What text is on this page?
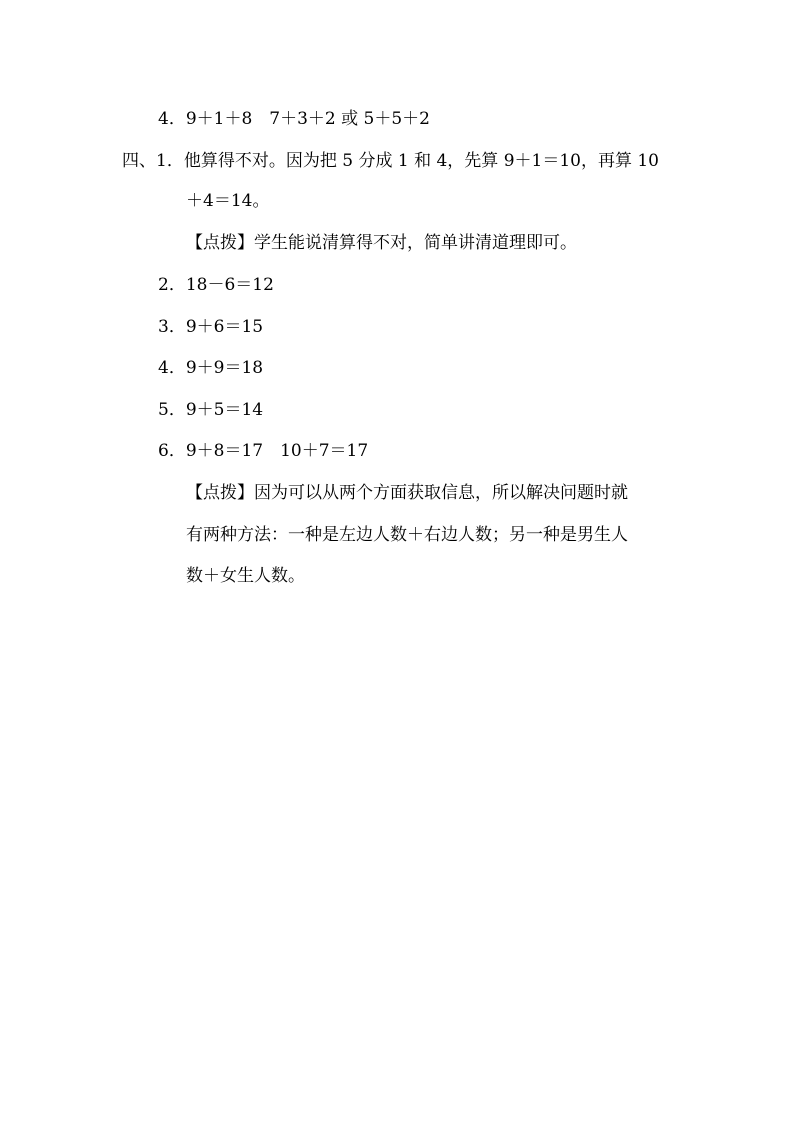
4．9＋1＋8　7＋3＋2 或 5＋5＋2
四、1．他算得不对。因为把 5 分成 1 和 4，先算 9＋1＝10，再算 10
＋4＝14。
【点拨】学生能说清算得不对，简单讲清道理即可。
2．18－6＝12
3．9＋6＝15
4．9＋9＝18
5．9＋5＝14
6．9＋8＝17　10＋7＝17
【点拨】因为可以从两个方面获取信息，所以解决问题时就
有两种方法：一种是左边人数＋右边人数；另一种是男生人
数＋女生人数。
